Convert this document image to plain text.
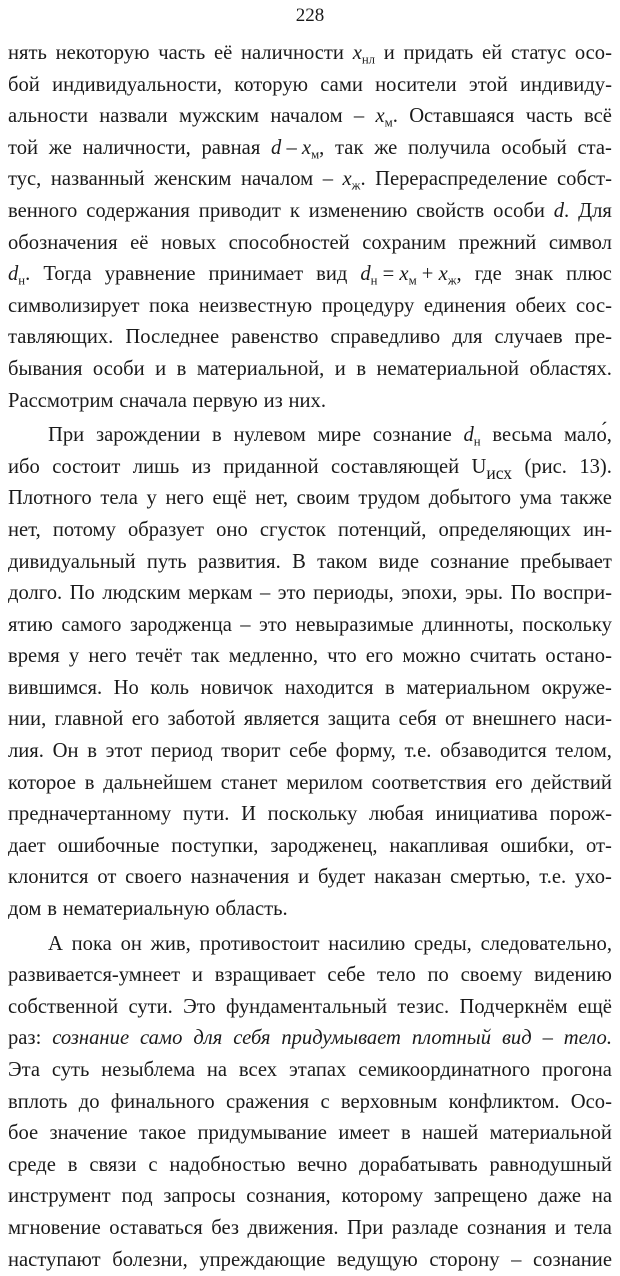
228
нять некоторую часть её наличности $x_{нл}$ и придать ей статус осо-
бой индивидуальности, которую сами носители этой индивиду-
альности назвали мужским началом – $x_м$. Оставшаяся часть всё
той же наличности, равная d – $x_м$, так же получила особый ста-
тус, названный женским началом – $x_ж$. Перераспределение собст-
венного содержания приводит к изменению свойств особи d. Для
обозначения её новых способностей сохраним прежний символ
$d_н$. Тогда уравнение принимает вид $d_н = x_м + x_ж$, где знак плюс
символизирует пока неизвестную процедуру единения обеих сос-
тавляющих. Последнее равенство справедливо для случаев пре-
бывания особи и в материальной, и в нематериальной областях.
Рассмотрим сначала первую из них.
При зарождении в нулевом мире сознание $d_н$ весьма мало́,
ибо состоит лишь из приданной составляющей $U_{исх}$ (рис. 13).
Плотного тела у него ещё нет, своим трудом добытого ума также
нет, потому образует оно сгусток потенций, определяющих ин-
дивидуальный путь развития. В таком виде сознание пребывает
долго. По людским меркам – это периоды, эпохи, эры. По воспри-
ятию самого зародженца – это невыразимые длинноты, поскольку
время у него течёт так медленно, что его можно считать остано-
вившимся. Но коль новичок находится в материальном окруже-
нии, главной его заботой является защита себя от внешнего наси-
лия. Он в этот период творит себе форму, т.е. обзаводится телом,
которое в дальнейшем станет мерилом соответствия его действий
предначертанному пути. И поскольку любая инициатива порож-
дает ошибочные поступки, зародженец, накапливая ошибки, от-
клонится от своего назначения и будет наказан смертью, т.е. ухо-
дом в нематериальную область.
А пока он жив, противостоит насилию среды, следовательно,
развивается-умнеет и взращивает себе тело по своему видению
собственной сути. Это фундаментальный тезис. Подчеркнём ещё
раз: сознание само для себя придумывает плотный вид – тело.
Эта суть незыблема на всех этапах семикоординатного прогона
вплоть до финального сражения с верховным конфликтом. Осо-
бое значение такое придумывание имеет в нашей материальной
среде в связи с надобностью вечно дорабатывать равнодушный
инструмент под запросы сознания, которому запрещено даже на
мгновение оставаться без движения. При разладе сознания и тела
наступают болезни, упреждающие ведущую сторону – сознание
